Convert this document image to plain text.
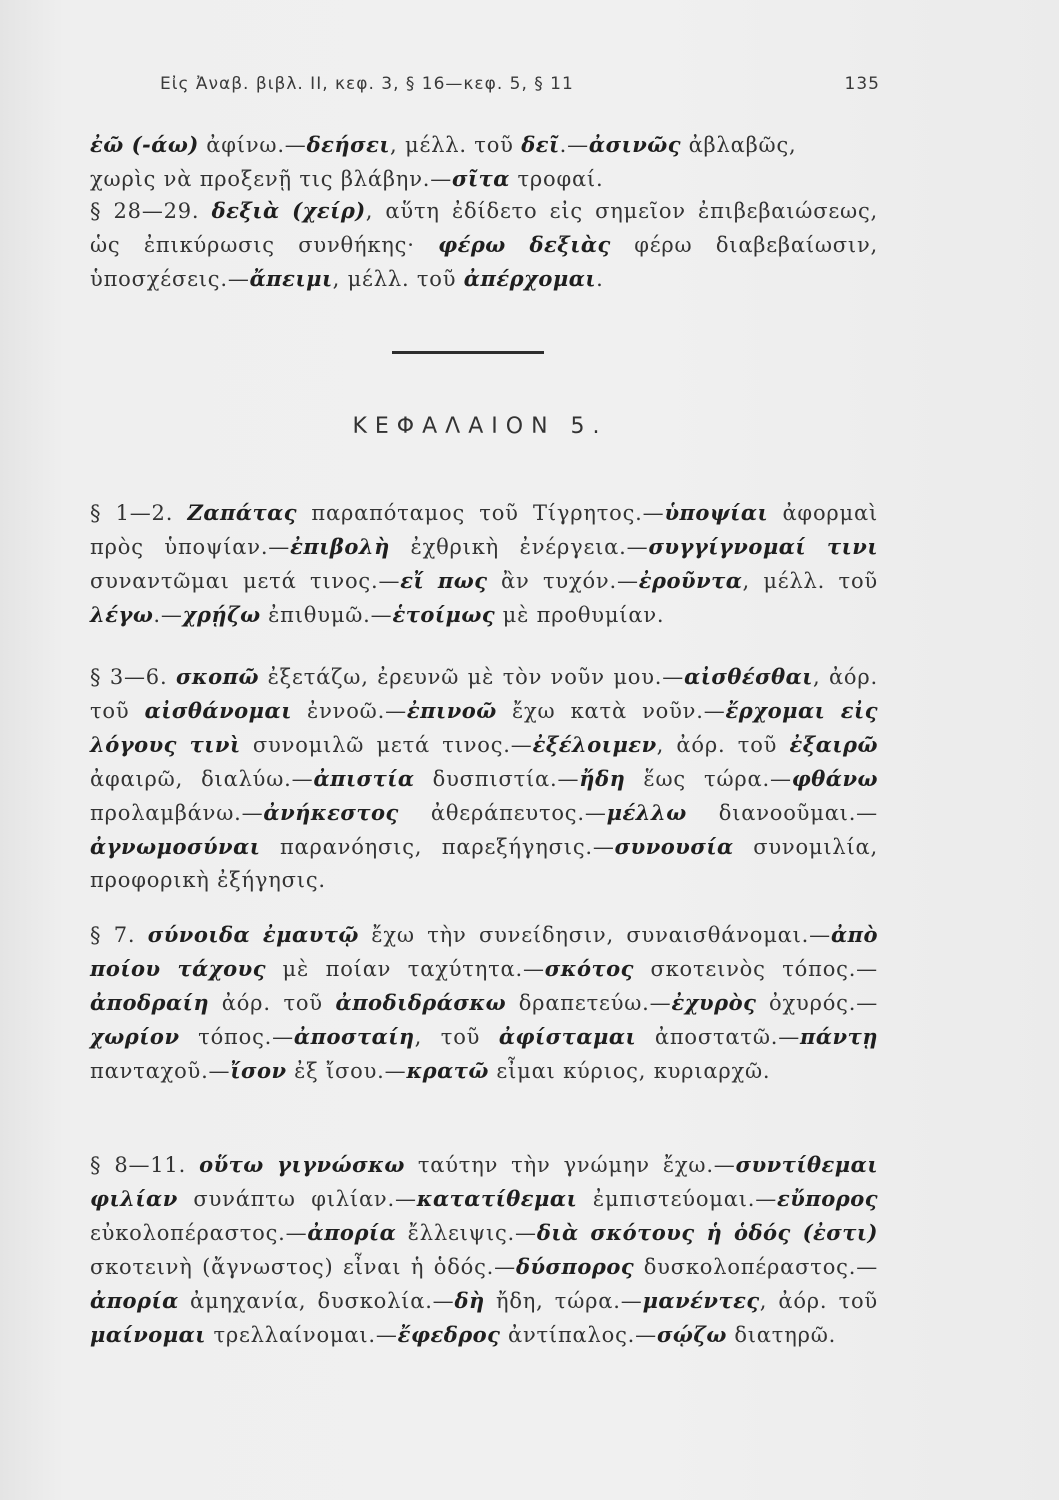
Εἰς Ἀναβ. βιβλ. ΙΙ, κεφ. 3, § 16—κεφ. 5, § 11	135

ἐῶ (-άω) ἀφίνω.—δεήσει, μέλλ. τοῦ δεῖ.—ἀσινῶς ἀβλαβῶς,

χωρὶς νὰ προξενῇ τις βλάβην.—σῖτα τροφαί.

§ 28—29. δεξιὰ (χείρ), αὕτη ἐδίδετο εἰς σημεῖον ἐπιβεβαιώσεως, ὡς ἐπικύρωσις συνθήκης· φέρω δεξιὰς φέρω διαβεβαίωσιν, ὑποσχέσεις.—ἄπειμι, μέλλ. τοῦ ἀπέρχομαι.

ΚΕΦΑΛΑΙΟΝ 5.

§ 1—2. Ζαπάτας παραπόταμος τοῦ Τίγρητος.—ὑποψίαι ἀφορμαὶ πρὸς ὑποψίαν.—ἐπιβολὴ ἐχθρικὴ ἐνέργεια.—συγγίγνομαί τινι συναντῶμαι μετά τινος.—εἴ πως ἂν τυχόν.—ἐροῦντα, μέλλ. τοῦ λέγω.—χρῄζω ἐπιθυμῶ.—ἑτοίμως μὲ προθυμίαν.

§ 3—6. σκοπῶ ἐξετάζω, ἐρευνῶ μὲ τὸν νοῦν μου.—αἰσθέσθαι, ἀόρ. τοῦ αἰσθάνομαι ἐννοῶ.—ἐπινοῶ ἔχω κατὰ νοῦν.—ἔρχομαι εἰς λόγους τινὶ συνομιλῶ μετά τινος.—ἐξέλοιμεν, ἀόρ. τοῦ ἐξαιρῶ ἀφαιρῶ, διαλύω.—ἀπιστία δυσπιστία.—ἤδη ἕως τώρα.—φθάνω προλαμβάνω.—ἀνήκεστος ἀθεράπευτος.—μέλλω διανοοῦμαι.—ἀγνωμοσύναι παρανόησις, παρεξήγησις.—συνουσία συνομιλία, προφορικὴ ἐξήγησις.

§ 7. σύνοιδα ἐμαυτῷ ἔχω τὴν συνείδησιν, συναισθάνομαι.—ἀπὸ ποίου τάχους μὲ ποίαν ταχύτητα.—σκότος σκοτεινὸς τόπος.—ἀποδραίη ἀόρ. τοῦ ἀποδιδράσκω δραπετεύω.—ἐχυρὸς ὀχυρός.—χωρίον τόπος.—ἀποσταίη, τοῦ ἀφίσταμαι ἀποστατῶ.—πάντῃ πανταχοῦ.—ἴσον ἐξ ἴσου.—κρατῶ εἶμαι κύριος, κυριαρχῶ.

§ 8—11. οὕτω γιγνώσκω ταύτην τὴν γνώμην ἔχω.—συντίθεμαι φιλίαν συνάπτω φιλίαν.—κατατίθεμαι ἐμπιστεύομαι.—εὔπορος εὐκολοπέραστος.—ἀπορία ἔλλειψις.—διὰ σκότους ἡ ὁδός (ἐστι) σκοτεινὴ (ἄγνωστος) εἶναι ἡ ὁδός.—δύσπορος δυσκολοπέραστος.—ἀπορία ἀμηχανία, δυσκολία.—δὴ ἤδη, τώρα.—μανέντες, ἀόρ. τοῦ μαίνομαι τρελλαίνομαι.—ἔφεδρος ἀντίπαλος.—σῴζω διατηρῶ.
